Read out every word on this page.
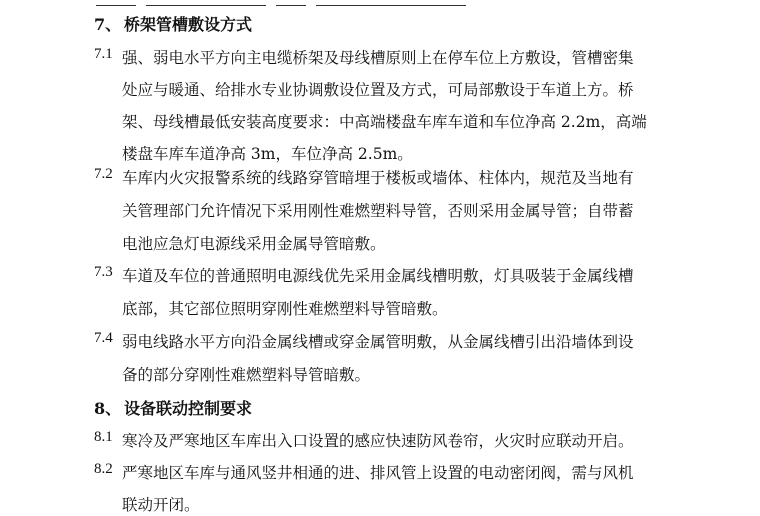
7、 桥架管槽敷设方式
7.1 强、弱电水平方向主电缆桥架及母线槽原则上在停车位上方敷设，管槽密集
处应与暖通、给排水专业协调敷设位置及方式，可局部敷设于车道上方。桥
架、母线槽最低安装高度要求：中高端楼盘车库车道和车位净高 2.2m，高端
楼盘车库车道净高 3m，车位净高 2.5m。
7.2 车库内火灾报警系统的线路穿管暗埋于楼板或墙体、柱体内，规范及当地有
关管理部门允许情况下采用刚性难燃塑料导管，否则采用金属导管；自带蓄
电池应急灯电源线采用金属导管暗敷。
7.3 车道及车位的普通照明电源线优先采用金属线槽明敷，灯具吸装于金属线槽
底部，其它部位照明穿刚性难燃塑料导管暗敷。
7.4 弱电线路水平方向沿金属线槽或穿金属管明敷，从金属线槽引出沿墙体到设
备的部分穿刚性难燃塑料导管暗敷。
8、 设备联动控制要求
8.1 寒冷及严寒地区车库出入口设置的感应快速防风卷帘，火灾时应联动开启。
8.2 严寒地区车库与通风竖井相通的进、排风管上设置的电动密闭阀，需与风机
联动开闭。
